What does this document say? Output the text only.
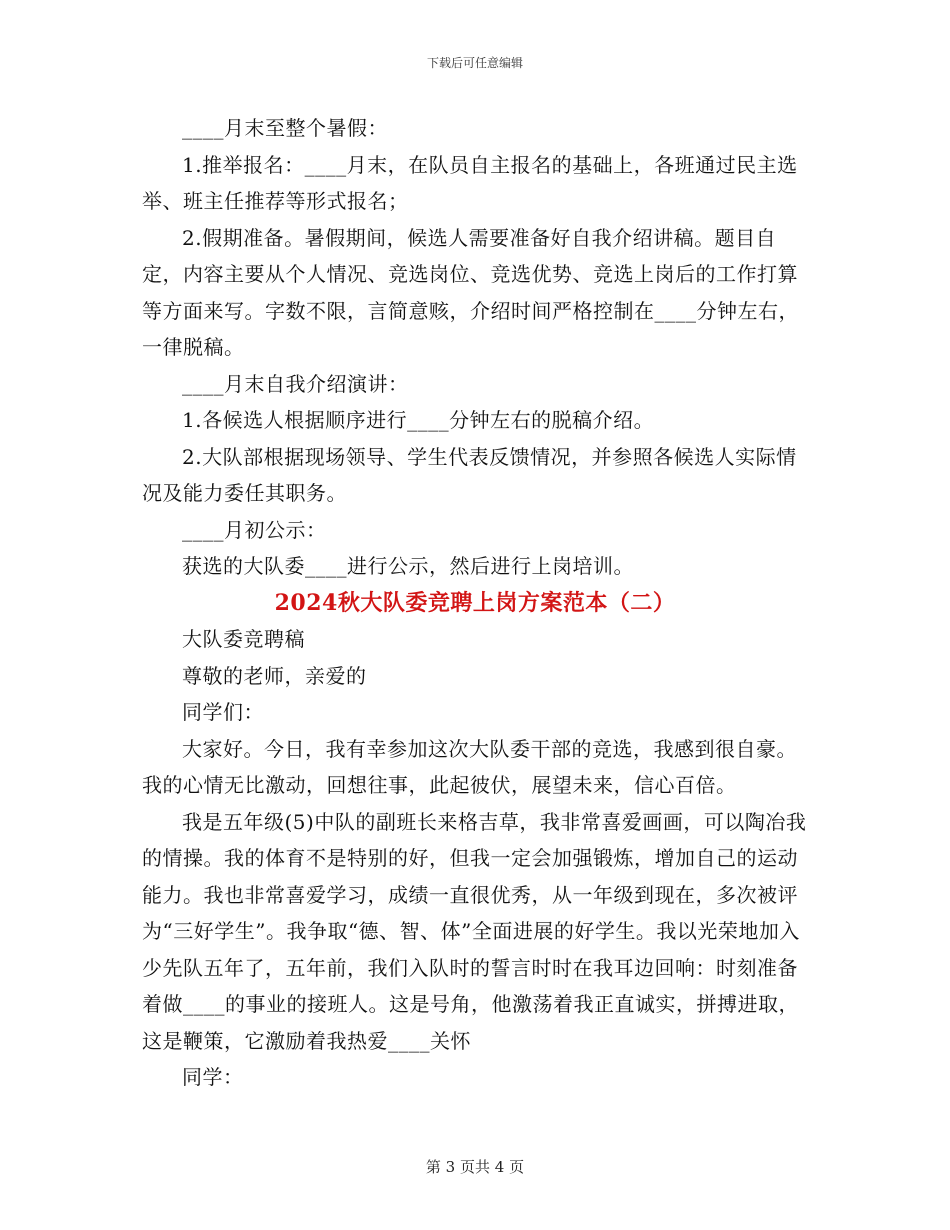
下载后可任意编辑

____月末至整个暑假：

1.推举报名：____月末，在队员自主报名的基础上，各班通过民主选举、班主任推荐等形式报名；

2.假期准备。暑假期间，候选人需要准备好自我介绍讲稿。题目自定，内容主要从个人情况、竞选岗位、竞选优势、竞选上岗后的工作打算等方面来写。字数不限，言简意赅，介绍时间严格控制在____分钟左右，一律脱稿。

____月末自我介绍演讲：

1.各候选人根据顺序进行____分钟左右的脱稿介绍。

2.大队部根据现场领导、学生代表反馈情况，并参照各候选人实际情况及能力委任其职务。

____月初公示：

获选的大队委____进行公示，然后进行上岗培训。

2024秋大队委竞聘上岗方案范本（二）

大队委竞聘稿

尊敬的老师，亲爱的

同学们：

大家好。今日，我有幸参加这次大队委干部的竞选，我感到很自豪。我的心情无比激动，回想往事，此起彼伏，展望未来，信心百倍。

我是五年级(5)中队的副班长来格吉草，我非常喜爱画画，可以陶冶我的情操。我的体育不是特别的好，但我一定会加强锻炼，增加自己的运动能力。我也非常喜爱学习，成绩一直很优秀，从一年级到现在，多次被评为“三好学生”。我争取“德、智、体”全面进展的好学生。我以光荣地加入少先队五年了，五年前，我们入队时的誓言时时在我耳边回响：时刻准备着做____的事业的接班人。这是号角，他激荡着我正直诚实，拼搏进取，这是鞭策，它激励着我热爱____关怀

同学：

第 3 页共 4 页
